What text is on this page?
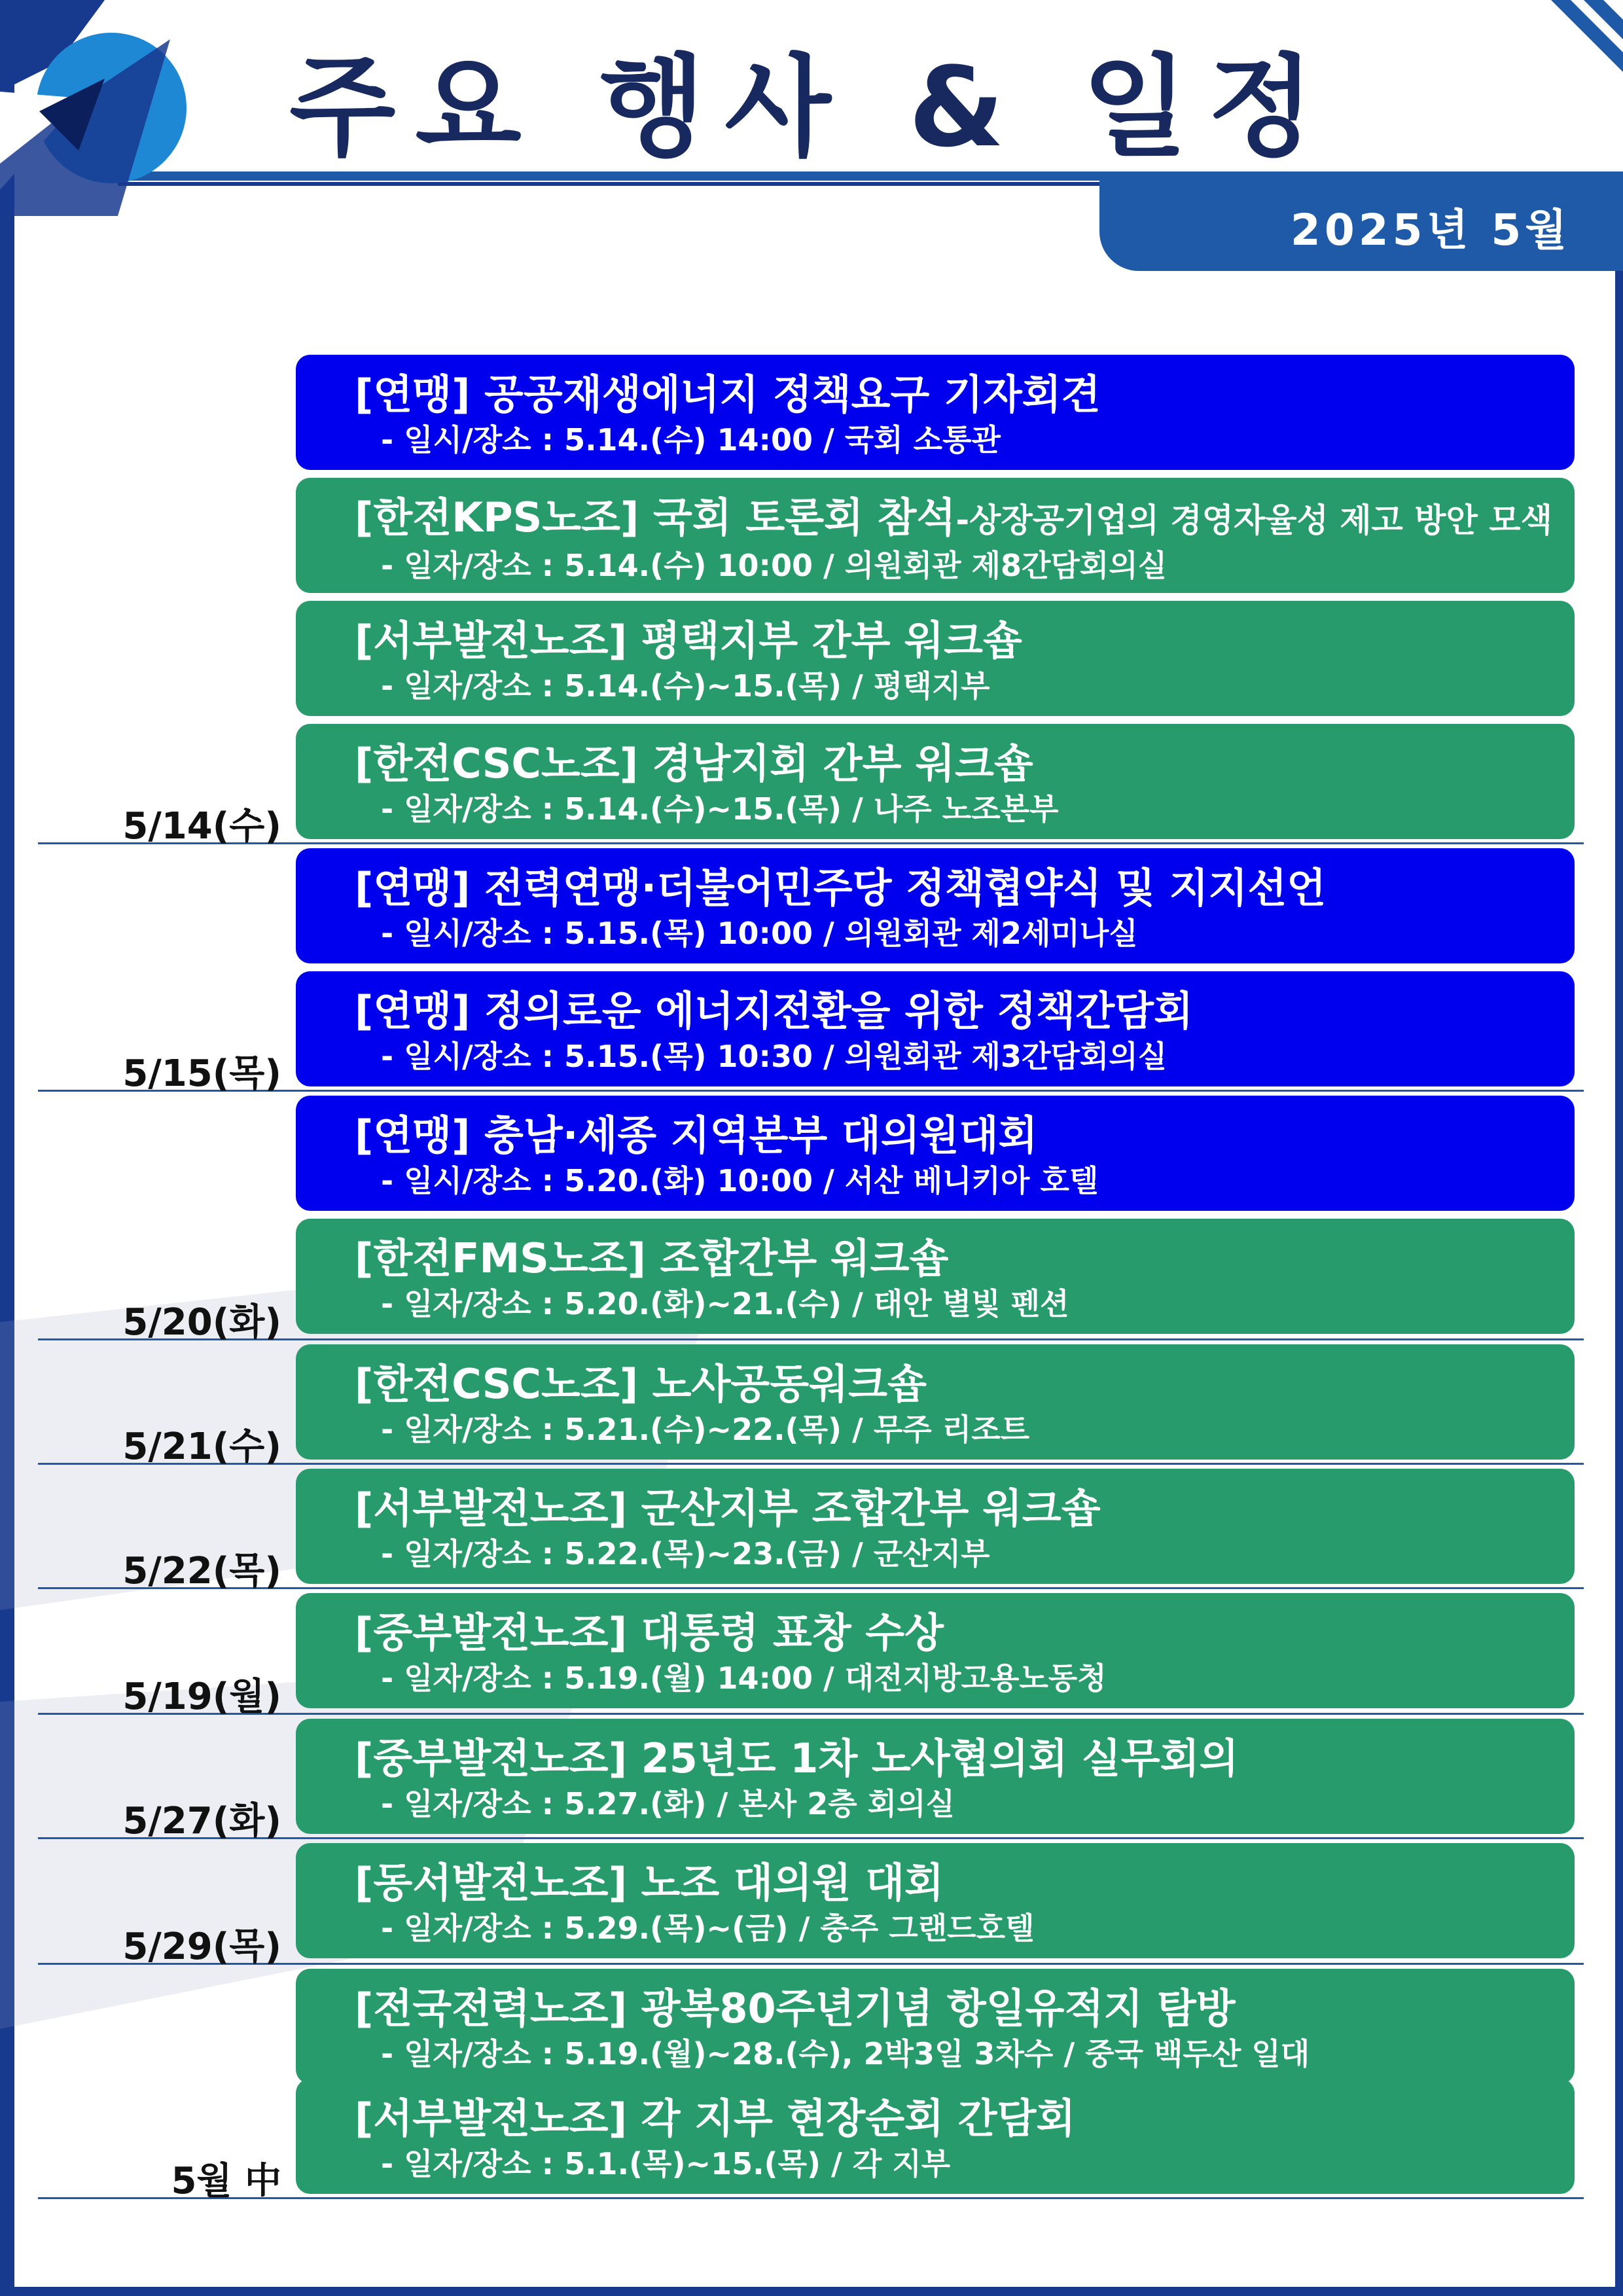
주요 행사 & 일정
2025년 5월
[연맹] 공공재생에너지 정책요구 기자회견
- 일시/장소 : 5.14.(수) 14:00 / 국회 소통관
[한전KPS노조] 국회 토론회 참석-상장공기업의 경영자율성 제고 방안 모색
- 일자/장소 : 5.14.(수) 10:00 / 의원회관 제8간담회의실
[서부발전노조] 평택지부 간부 워크숍
- 일자/장소 : 5.14.(수)~15.(목) / 평택지부
[한전CSC노조] 경남지회 간부 워크숍
- 일자/장소 : 5.14.(수)~15.(목) / 나주 노조본부
[연맹] 전력연맹·더불어민주당 정책협약식 및 지지선언
- 일시/장소 : 5.15.(목) 10:00 / 의원회관 제2세미나실
[연맹] 정의로운 에너지전환을 위한 정책간담회
- 일시/장소 : 5.15.(목) 10:30 / 의원회관 제3간담회의실
[연맹] 충남·세종 지역본부 대의원대회
- 일시/장소 : 5.20.(화) 10:00 / 서산 베니키아 호텔
[한전FMS노조] 조합간부 워크숍
- 일자/장소 : 5.20.(화)~21.(수) / 태안 별빛 펜션
[한전CSC노조] 노사공동워크숍
- 일자/장소 : 5.21.(수)~22.(목) / 무주 리조트
[서부발전노조] 군산지부 조합간부 워크숍
- 일자/장소 : 5.22.(목)~23.(금) / 군산지부
[중부발전노조] 대통령 표창 수상
- 일자/장소 : 5.19.(월) 14:00 / 대전지방고용노동청
[중부발전노조] 25년도 1차 노사협의회 실무회의
- 일자/장소 : 5.27.(화) / 본사 2층 회의실
[동서발전노조] 노조 대의원 대회
- 일자/장소 : 5.29.(목)~(금) / 충주 그랜드호텔
[전국전력노조] 광복80주년기념 항일유적지 탐방
- 일자/장소 : 5.19.(월)~28.(수), 2박3일 3차수 / 중국 백두산 일대
[서부발전노조] 각 지부 현장순회 간담회
- 일자/장소 : 5.1.(목)~15.(목) / 각 지부
5/14(수)
5/15(목)
5/20(화)
5/21(수)
5/22(목)
5/19(월)
5/27(화)
5/29(목)
5월 中
